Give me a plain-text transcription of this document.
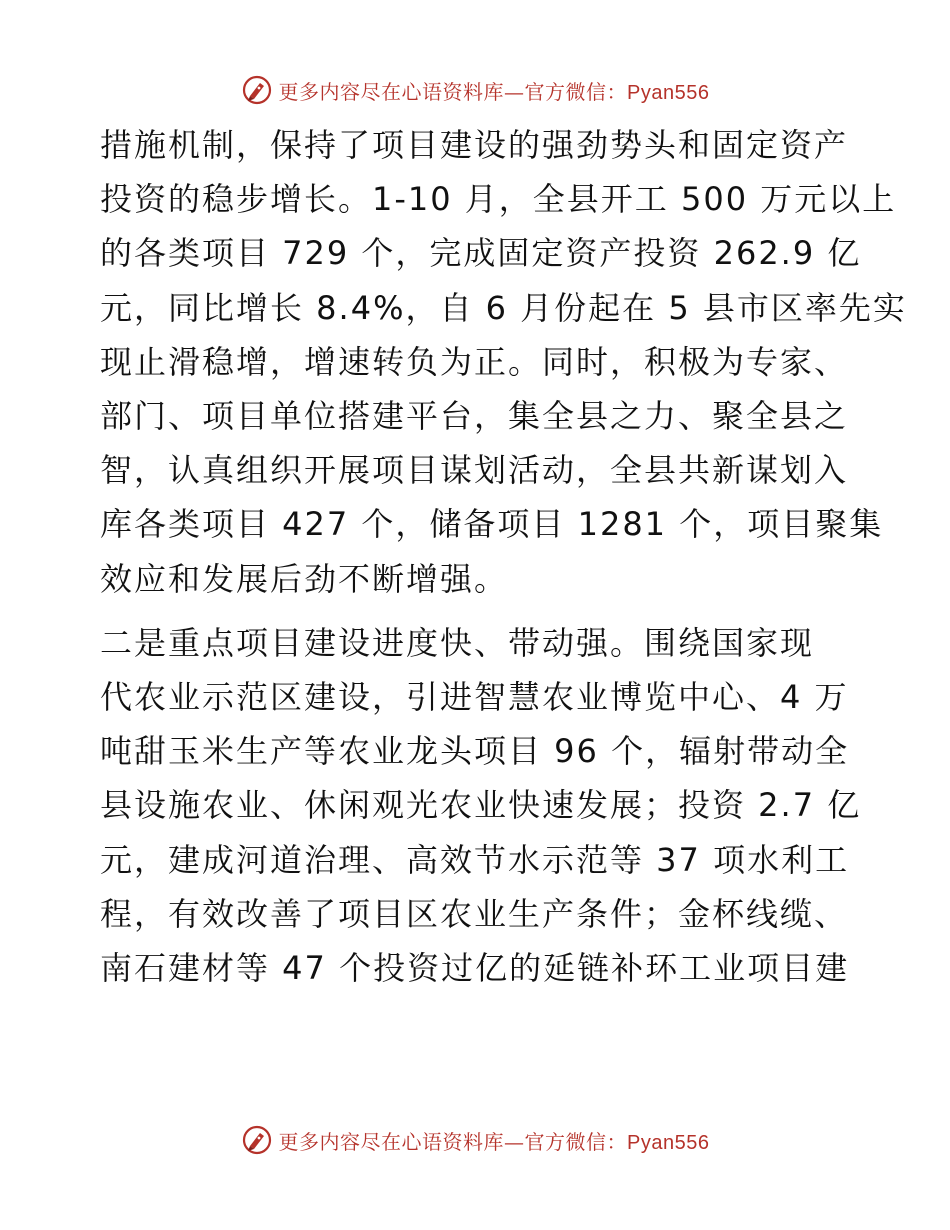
更多内容尽在心语资料库—官方微信：Pyan556

措施机制，保持了项目建设的强劲势头和固定资产
投资的稳步增长。1-10 月，全县开工 500 万元以上
的各类项目 729 个，完成固定资产投资 262.9 亿
元，同比增长 8.4%，自 6 月份起在 5 县市区率先实
现止滑稳增，增速转负为正。同时，积极为专家、
部门、项目单位搭建平台，集全县之力、聚全县之
智，认真组织开展项目谋划活动，全县共新谋划入
库各类项目 427 个，储备项目 1281 个，项目聚集
效应和发展后劲不断增强。

二是重点项目建设进度快、带动强。围绕国家现
代农业示范区建设，引进智慧农业博览中心、4 万
吨甜玉米生产等农业龙头项目 96 个，辐射带动全
县设施农业、休闲观光农业快速发展；投资 2.7 亿
元，建成河道治理、高效节水示范等 37 项水利工
程，有效改善了项目区农业生产条件；金杯线缆、
南石建材等 47 个投资过亿的延链补环工业项目建

更多内容尽在心语资料库—官方微信：Pyan556
